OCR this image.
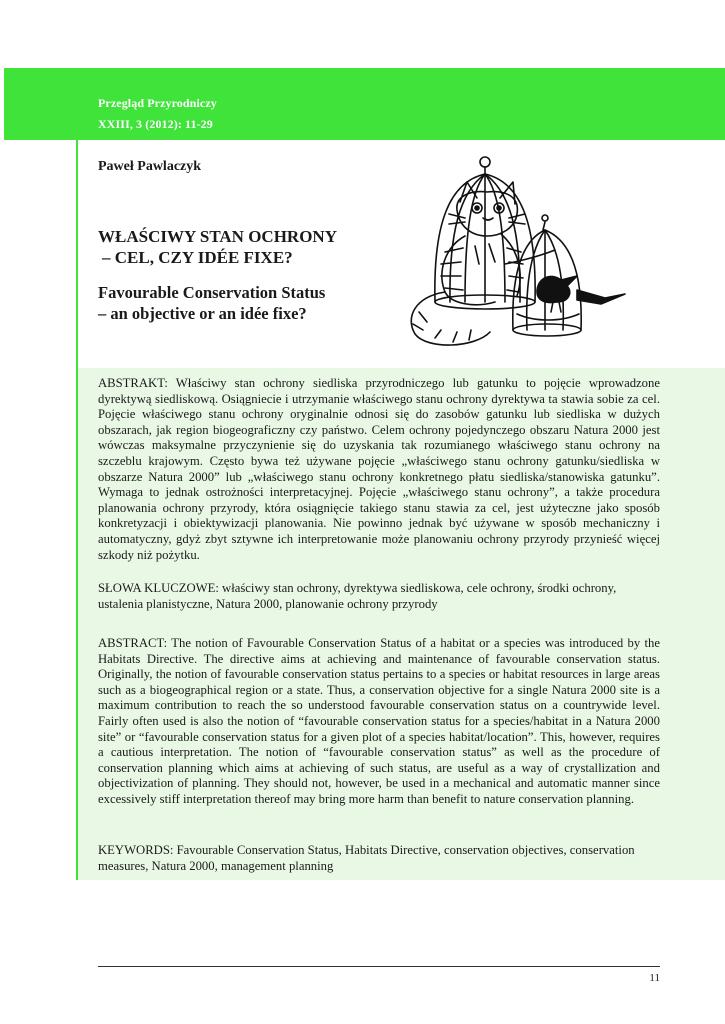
Przegląd Przyrodniczy
XXIII, 3 (2012): 11-29
Paweł Pawlaczyk
WŁAŚCIWY STAN OCHRONY
– CEL, CZY IDÉE FIXE?
Favourable Conservation Status
– an objective or an idée fixe?

ABSTRAKT: Właściwy stan ochrony siedliska przyrodniczego lub gatunku to pojęcie wprowadzone dyrektywą siedliskową. Osiągniecie i utrzymanie właściwego stanu ochrony dyrektywa ta stawia sobie za cel. Pojęcie właściwego stanu ochrony oryginalnie odnosi się do zasobów gatunku lub siedliska w dużych obszarach, jak region biogeograficzny czy państwo. Celem ochrony pojedynczego obszaru Natura 2000 jest wówczas maksymalne przyczynienie się do uzyskania tak rozumianego właściwego stanu ochrony na szczeblu krajowym. Często bywa też używane pojęcie „właściwego stanu ochrony gatunku/siedliska w obszarze Natura 2000” lub „właściwego stanu ochrony konkretnego płatu siedliska/stanowiska gatunku”. Wymaga to jednak ostrożności interpretacyjnej. Pojęcie „właściwego stanu ochrony”, a także procedura planowania ochrony przyrody, która osiągnięcie takiego stanu stawia za cel, jest użyteczne jako sposób konkretyzacji i obiektywizacji planowania. Nie powinno jednak być używane w sposób mechaniczny i automatyczny, gdyż zbyt sztywne ich interpretowanie może planowaniu ochrony przyrody przynieść więcej szkody niż pożytku.

SŁOWA KLUCZOWE: właściwy stan ochrony, dyrektywa siedliskowa, cele ochrony, środki ochrony, ustalenia planistyczne, Natura 2000, planowanie ochrony przyrody

ABSTRACT: The notion of Favourable Conservation Status of a habitat or a species was introduced by the Habitats Directive. The directive aims at achieving and maintenance of favourable conservation status. Originally, the notion of favourable conservation status pertains to a species or habitat resources in large areas such as a biogeographical region or a state. Thus, a conservation objective for a single Natura 2000 site is a maximum contribution to reach the so understood favourable conservation status on a countrywide level. Fairly often used is also the notion of “favourable conservation status for a species/habitat in a Natura 2000 site” or “favourable conservation status for a given plot of a species habitat/location”. This, however, requires a cautious interpretation. The notion of “favourable conservation status” as well as the procedure of conservation planning which aims at achieving of such status, are useful as a way of crystallization and objectivization of planning. They should not, however, be used in a mechanical and automatic manner since excessively stiff interpretation thereof may bring more harm than benefit to nature conservation planning.

KEYWORDS: Favourable Conservation Status, Habitats Directive, conservation objectives, conservation measures, Natura 2000, management planning

11
